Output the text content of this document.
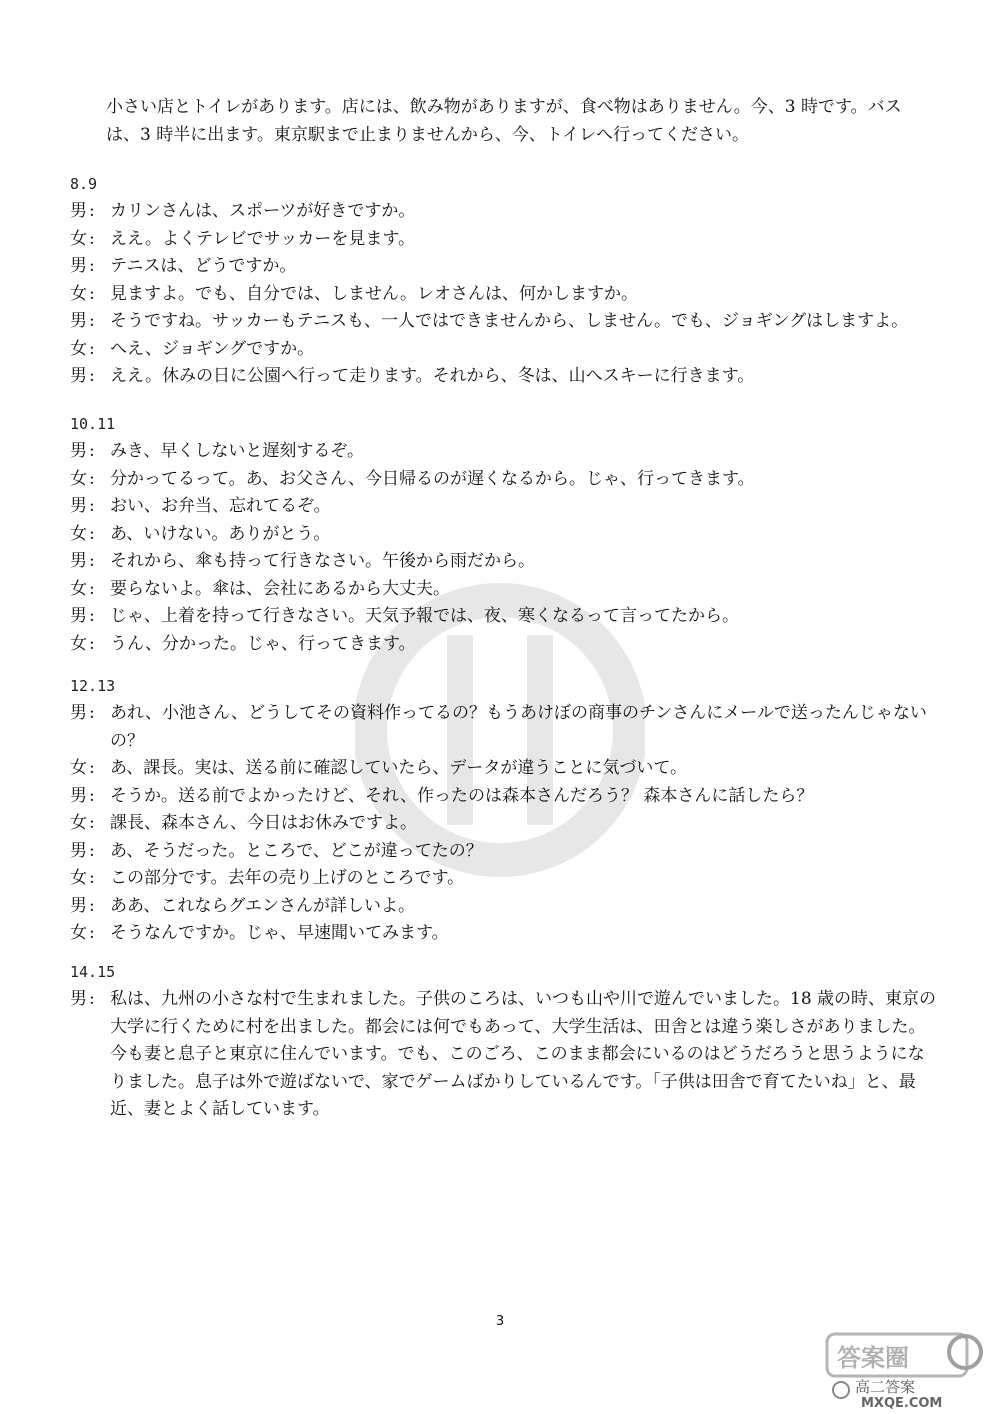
小さい店とトイレがあります。店には、飲み物がありますが、食べ物はありません。今、3 時です。バス

は、3 時半に出ます。東京駅まで止まりませんから、今、トイレへ行ってください。

8.9
男 : カリンさんは、スポーツが好きですか。
女 : ええ。よくテレビでサッカーを見ます。
男 : テニスは、どうですか。
女 : 見ますよ。でも、自分では、しません。レオさんは、何かしますか。
男 : そうですね。サッカーもテニスも、一人ではできませんから、しません。でも、ジョギングはしますよ。
女 : へえ、ジョギングですか。
男 : ええ。休みの日に公園へ行って走ります。それから、冬は、山へスキーに行きます。
10.11
男 : みき、早くしないと遅刻するぞ。
女 : 分かってるって。あ、お父さん、今日帰るのが遅くなるから。じゃ、行ってきます。
男 : おい、お弁当、忘れてるぞ。
女 : あ、いけない。ありがとう。
男 : それから、傘も持って行きなさい。午後から雨だから。
女 : 要らないよ。傘は、会社にあるから大丈夫。
男 : じゃ、上着を持って行きなさい。天気予報では、夜、寒くなるって言ってたから。
女 : うん、分かった。じゃ、行ってきます。
12.13
男 : あれ、小池さん、どうしてその資料作ってるの？もうあけぼの商事のチンさんにメールで送ったんじゃないの？
女 : あ、課長。実は、送る前に確認していたら、データが違うことに気づいて。
男 : そうか。送る前でよかったけど、それ、作ったのは森本さんだろう？ 森本さんに話したら？
女 : 課長、森本さん、今日はお休みですよ。
男 : あ、そうだった。ところで、どこが違ってたの？
女 : この部分です。去年の売り上げのところです。
男 : ああ、これならグエンさんが詳しいよ。
女 : そうなんですか。じゃ、早速聞いてみます。
14.15
男 : 私は、九州の小さな村で生まれました。子供のころは、いつも山や川で遊んでいました。18 歳の時、東京の大学に行くために村を出ました。都会には何でもあって、大学生活は、田舎とは違う楽しさがありました。今も妻と息子と東京に住んでいます。でも、このごろ、このまま都会にいるのはどうだろうと思うようになりました。息子は外で遊ばないで、家でゲームばかりしているんです。「子供は田舎で育てたいね」と、最近、妻とよく話しています。
3
答案圈
高二答案
MXQE.COM
